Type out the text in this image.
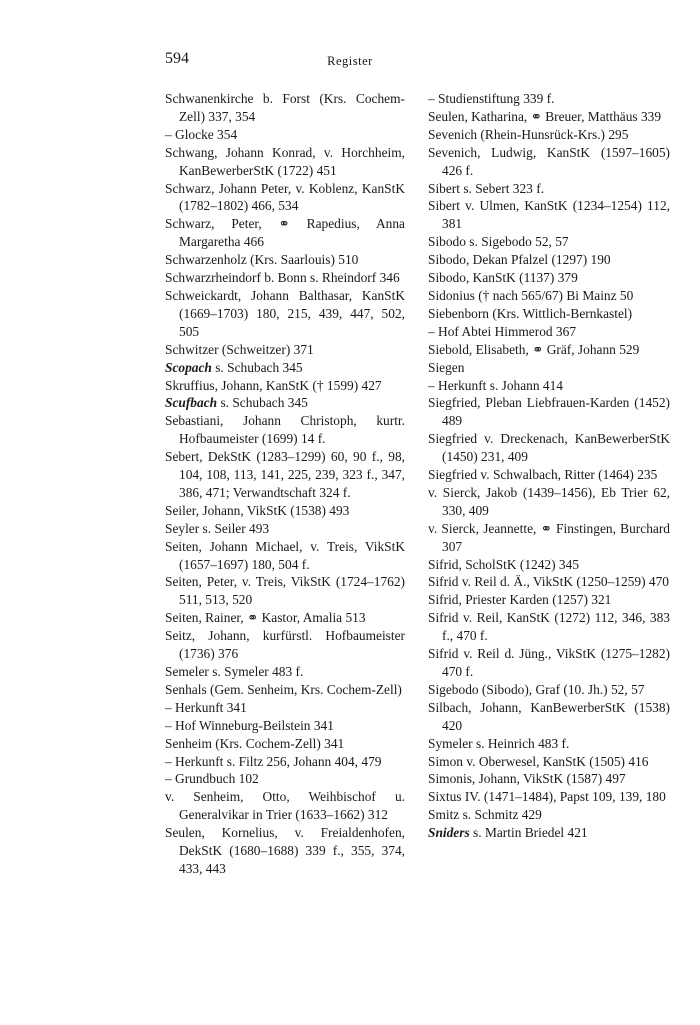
594	Register

Schwanenkirche b. Forst (Krs. Cochem-Zell) 337, 354

– Glocke 354

Schwang, Johann Konrad, v. Horchheim, KanBewerberStK (1722) 451

Schwarz, Johann Peter, v. Koblenz, KanStK (1782–1802) 466, 534

Schwarz, Peter, ⚭ Rapedius, Anna Margaretha 466

Schwarzenholz (Krs. Saarlouis) 510

Schwarzrheindorf b. Bonn s. Rheindorf 346

Schweickardt, Johann Balthasar, KanStK (1669–1703) 180, 215, 439, 447, 502, 505

Schwitzer (Schweitzer) 371

Scopach s. Schubach 345

Skruffius, Johann, KanStK († 1599) 427

Scufbach s. Schubach 345

Sebastiani, Johann Christoph, kurtr. Hofbaumeister (1699) 14 f.

Sebert, DekStK (1283–1299) 60, 90 f., 98, 104, 108, 113, 141, 225, 239, 323 f., 347, 386, 471; Verwandtschaft 324 f.

Seiler, Johann, VikStK (1538) 493

Seyler s. Seiler 493

Seiten, Johann Michael, v. Treis, VikStK (1657–1697) 180, 504 f.

Seiten, Peter, v. Treis, VikStK (1724–1762) 511, 513, 520

Seiten, Rainer, ⚭ Kastor, Amalia 513

Seitz, Johann, kurfürstl. Hofbaumeister (1736) 376

Semeler s. Symeler 483 f.

Senhals (Gem. Senheim, Krs. Cochem-Zell)

– Herkunft 341

– Hof Winneburg-Beilstein 341

Senheim (Krs. Cochem-Zell) 341

– Herkunft s. Filtz 256, Johann 404, 479

– Grundbuch 102

v. Senheim, Otto, Weihbischof u. Generalvikar in Trier (1633–1662) 312

Seulen, Kornelius, v. Freialdenhofen, DekStK (1680–1688) 339 f., 355, 374, 433, 443

– Studienstiftung 339 f.

Seulen, Katharina, ⚭ Breuer, Matthäus 339

Sevenich (Rhein-Hunsrück-Krs.) 295

Sevenich, Ludwig, KanStK (1597–1605) 426 f.

Sibert s. Sebert 323 f.

Sibert v. Ulmen, KanStK (1234–1254) 112, 381

Sibodo s. Sigebodo 52, 57

Sibodo, Dekan Pfalzel (1297) 190

Sibodo, KanStK (1137) 379

Sidonius († nach 565/67) Bi Mainz 50

Siebenborn (Krs. Wittlich-Bernkastel)

– Hof Abtei Himmerod 367

Siebold, Elisabeth, ⚭ Gräf, Johann 529

Siegen

– Herkunft s. Johann 414

Siegfried, Pleban Liebfrauen-Karden (1452) 489

Siegfried v. Dreckenach, KanBewerberStK (1450) 231, 409

Siegfried v. Schwalbach, Ritter (1464) 235

v. Sierck, Jakob (1439–1456), Eb Trier 62, 330, 409

v. Sierck, Jeannette, ⚭ Finstingen, Burchard 307

Sifrid, ScholStK (1242) 345

Sifrid v. Reil d. Ä., VikStK (1250–1259) 470

Sifrid, Priester Karden (1257) 321

Sifrid v. Reil, KanStK (1272) 112, 346, 383 f., 470 f.

Sifrid v. Reil d. Jüng., VikStK (1275–1282) 470 f.

Sigebodo (Sibodo), Graf (10. Jh.) 52, 57

Silbach, Johann, KanBewerberStK (1538) 420

Symeler s. Heinrich 483 f.

Simon v. Oberwesel, KanStK (1505) 416

Simonis, Johann, VikStK (1587) 497

Sixtus IV. (1471–1484), Papst 109, 139, 180

Smitz s. Schmitz 429

Sniders s. Martin Briedel 421
